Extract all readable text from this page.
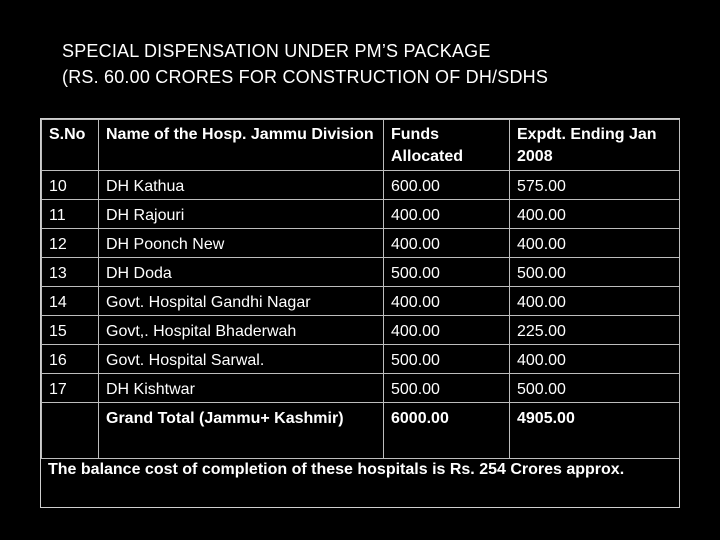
SPECIAL DISPENSATION UNDER PM’S PACKAGE
(RS. 60.00 CRORES FOR CONSTRUCTION OF DH/SDHS
S.No	Name of the Hosp. Jammu Division	Funds Allocated	Expdt. Ending Jan 2008
10	DH Kathua	600.00	575.00
11	DH Rajouri	400.00	400.00
12	DH Poonch New	400.00	400.00
13	DH Doda	500.00	500.00
14	Govt. Hospital Gandhi Nagar	400.00	400.00
15	Govt,. Hospital Bhaderwah	400.00	225.00
16	Govt. Hospital Sarwal.	500.00	400.00
17	DH Kishtwar	500.00	500.00
	Grand Total (Jammu+ Kashmir)	6000.00	4905.00
The balance cost of completion of these hospitals is Rs. 254 Crores approx.
